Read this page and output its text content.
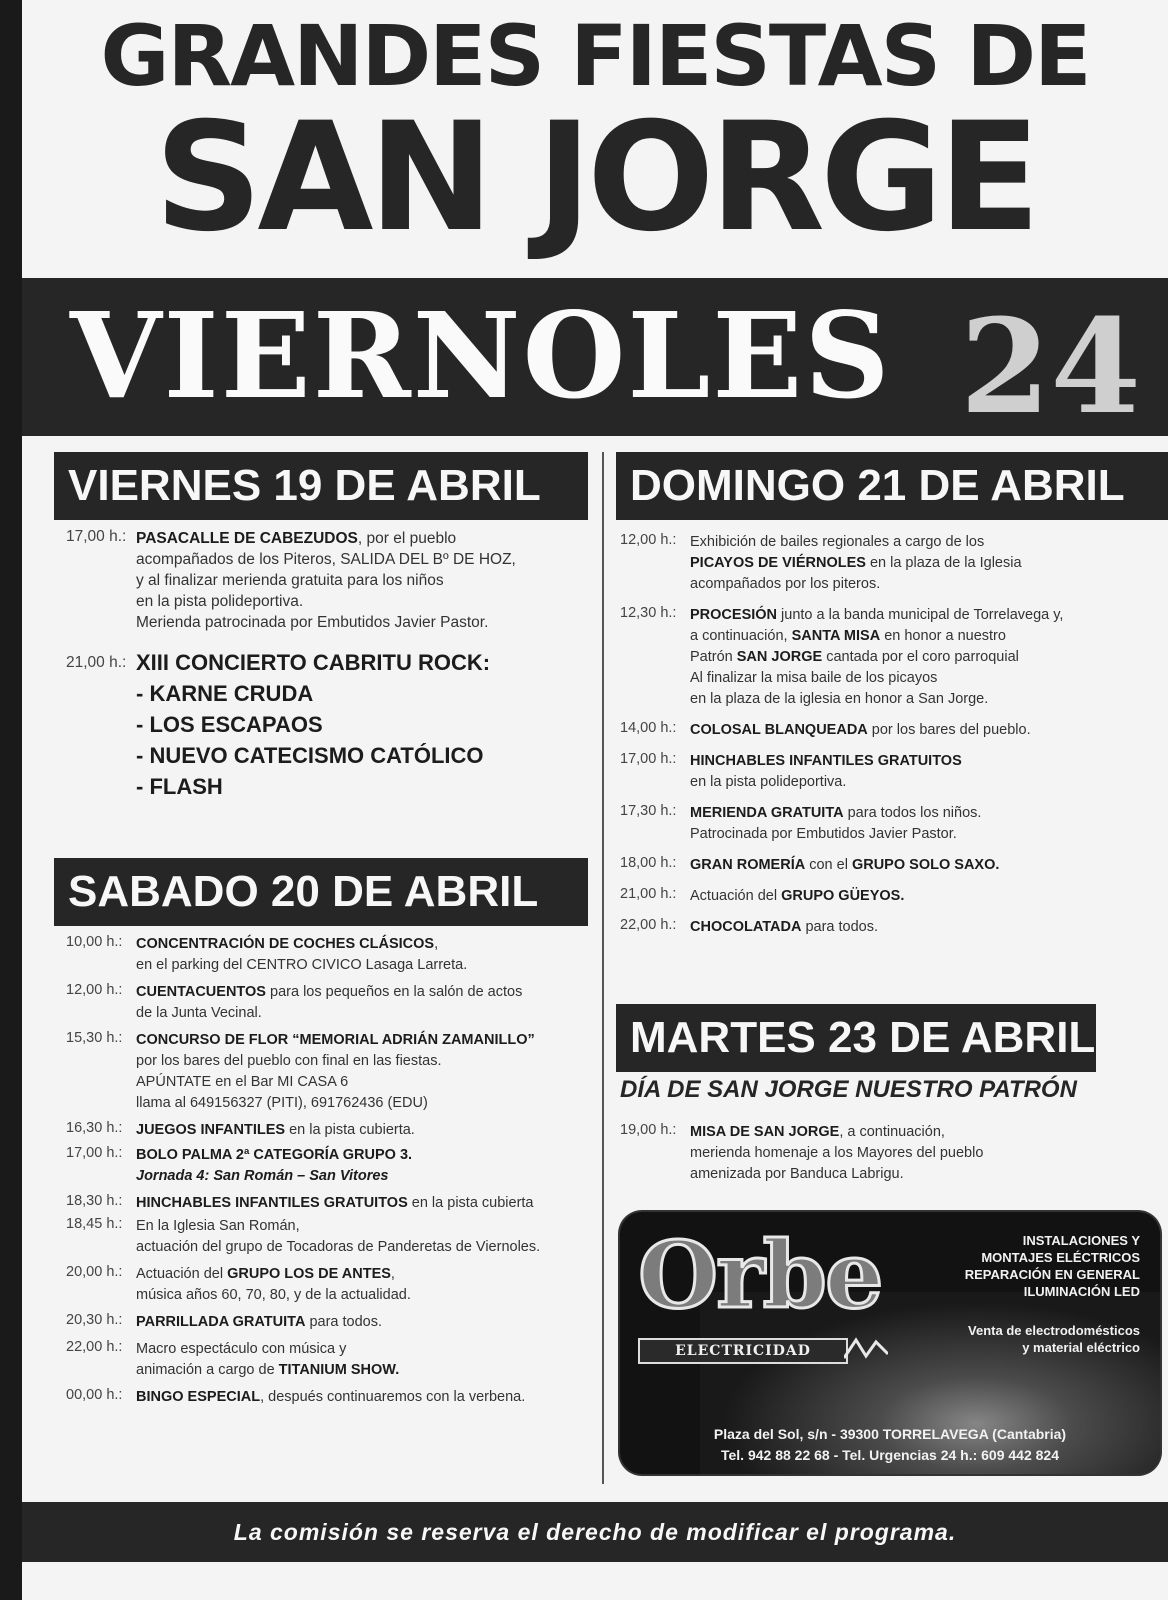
GRANDES FIESTAS DE
SAN JORGE
VIERNOLES 24
VIERNES 19 DE ABRIL
17,00 h.: PASACALLE DE CABEZUDOS, por el pueblo
acompañados de los Piteros, SALIDA DEL Bº DE HOZ,
y al finalizar merienda gratuita para los niños
en la pista polideportiva.
Merienda patrocinada por Embutidos Javier Pastor.
21,00 h.: XIII CONCIERTO CABRITU ROCK:
- KARNE CRUDA
- LOS ESCAPAOS
- NUEVO CATECISMO CATÓLICO
- FLASH
SABADO 20 DE ABRIL
10,00 h.: CONCENTRACIÓN DE COCHES CLÁSICOS,
en el parking del CENTRO CIVICO Lasaga Larreta.
12,00 h.: CUENTACUENTOS para los pequeños en la salón de actos
de la Junta Vecinal.
15,30 h.: CONCURSO DE FLOR “MEMORIAL ADRIÁN ZAMANILLO”
por los bares del pueblo con final en las fiestas.
APÚNTATE en el Bar MI CASA 6
llama al 649156327 (PITI), 691762436 (EDU)
16,30 h.: JUEGOS INFANTILES en la pista cubierta.
17,00 h.: BOLO PALMA 2ª CATEGORÍA GRUPO 3.
Jornada 4: San Román – San Vitores
18,30 h.: HINCHABLES INFANTILES GRATUITOS en la pista cubierta
18,45 h.: En la Iglesia San Román,
actuación del grupo de Tocadoras de Panderetas de Viernoles.
20,00 h.: Actuación del GRUPO LOS DE ANTES,
música años 60, 70, 80, y de la actualidad.
20,30 h.: PARRILLADA GRATUITA para todos.
22,00 h.: Macro espectáculo con música y
animación a cargo de TITANIUM SHOW.
00,00 h.: BINGO ESPECIAL, después continuaremos con la verbena.
DOMINGO 21 DE ABRIL
12,00 h.: Exhibición de bailes regionales a cargo de los
PICAYOS DE VIÉRNOLES en la plaza de la Iglesia
acompañados por los piteros.
12,30 h.: PROCESIÓN junto a la banda municipal de Torrelavega y,
a continuación, SANTA MISA en honor a nuestro
Patrón SAN JORGE cantada por el coro parroquial
Al finalizar la misa baile de los picayos
en la plaza de la iglesia en honor a San Jorge.
14,00 h.: COLOSAL BLANQUEADA por los bares del pueblo.
17,00 h.: HINCHABLES INFANTILES GRATUITOS
en la pista polideportiva.
17,30 h.: MERIENDA GRATUITA para todos los niños.
Patrocinada por Embutidos Javier Pastor.
18,00 h.: GRAN ROMERÍA con el GRUPO SOLO SAXO.
21,00 h.: Actuación del GRUPO GÜEYOS.
22,00 h.: CHOCOLATADA para todos.
MARTES 23 DE ABRIL
DÍA DE SAN JORGE NUESTRO PATRÓN
19,00 h.: MISA DE SAN JORGE, a continuación,
merienda homenaje a los Mayores del pueblo
amenizada por Banduca Labrigu.
Orbe
ELECTRICIDAD
INSTALACIONES Y
MONTAJES ELÉCTRICOS
REPARACIÓN EN GENERAL
ILUMINACIÓN LED
Venta de electrodomésticos
y material eléctrico
Plaza del Sol, s/n - 39300 TORRELAVEGA (Cantabria)
Tel. 942 88 22 68 - Tel. Urgencias 24 h.: 609 442 824
La comisión se reserva el derecho de modificar el programa.
